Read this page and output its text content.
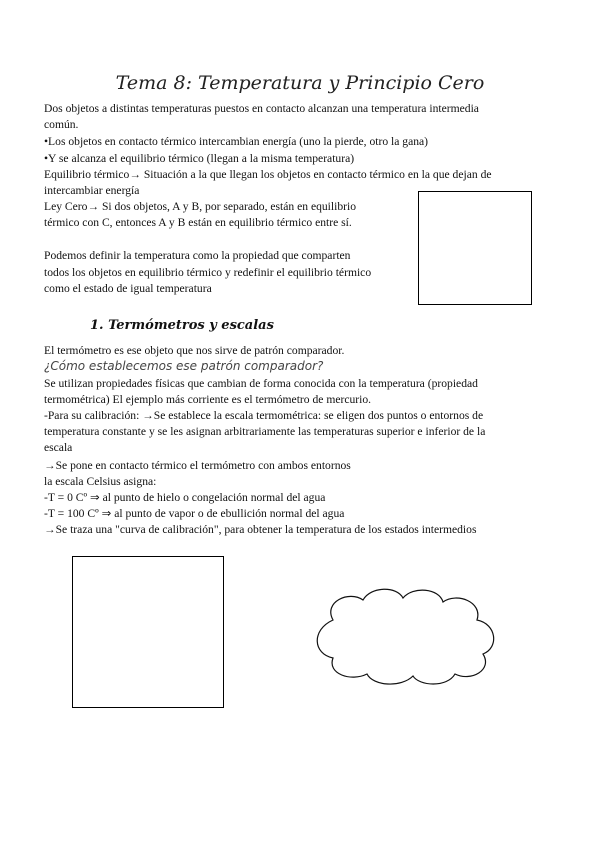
Tema 8: Temperatura y Principio Cero
Dos objetos a distintas temperaturas puestos en contacto alcanzan una temperatura intermedia
común.
•Los objetos en contacto térmico intercambian energía (uno la pierde, otro la gana)
•Y se alcanza el equilibrio térmico (llegan a la misma temperatura)
Equilibrio térmico→ Situación a la que llegan los objetos en contacto térmico en la que dejan de
intercambiar energía
Ley Cero→ Si dos objetos, A y B, por separado, están en equilibrio
térmico con C, entonces A y B están en equilibrio térmico entre sí.
Podemos definir la temperatura como la propiedad que comparten
todos los objetos en equilibrio térmico y redefinir el equilibrio térmico
como el estado de igual temperatura
1. Termómetros y escalas
El termómetro es ese objeto que nos sirve de patrón comparador.
¿Cómo establecemos ese patrón comparador?
Se utilizan propiedades físicas que cambian de forma conocida con la temperatura (propiedad
termométrica) El ejemplo más corriente es el termómetro de mercurio.
-Para su calibración: →Se establece la escala termométrica: se eligen dos puntos o entornos de
temperatura constante y se les asignan arbitrariamente las temperaturas superior e inferior de la
escala
→Se pone en contacto térmico el termómetro con ambos entornos
la escala Celsius asigna:
-T = 0 Cº ⇒ al punto de hielo o congelación normal del agua
-T = 100 Cº ⇒ al punto de vapor o de ebullición normal del agua
→Se traza una "curva de calibración", para obtener la temperatura de los estados intermedios
